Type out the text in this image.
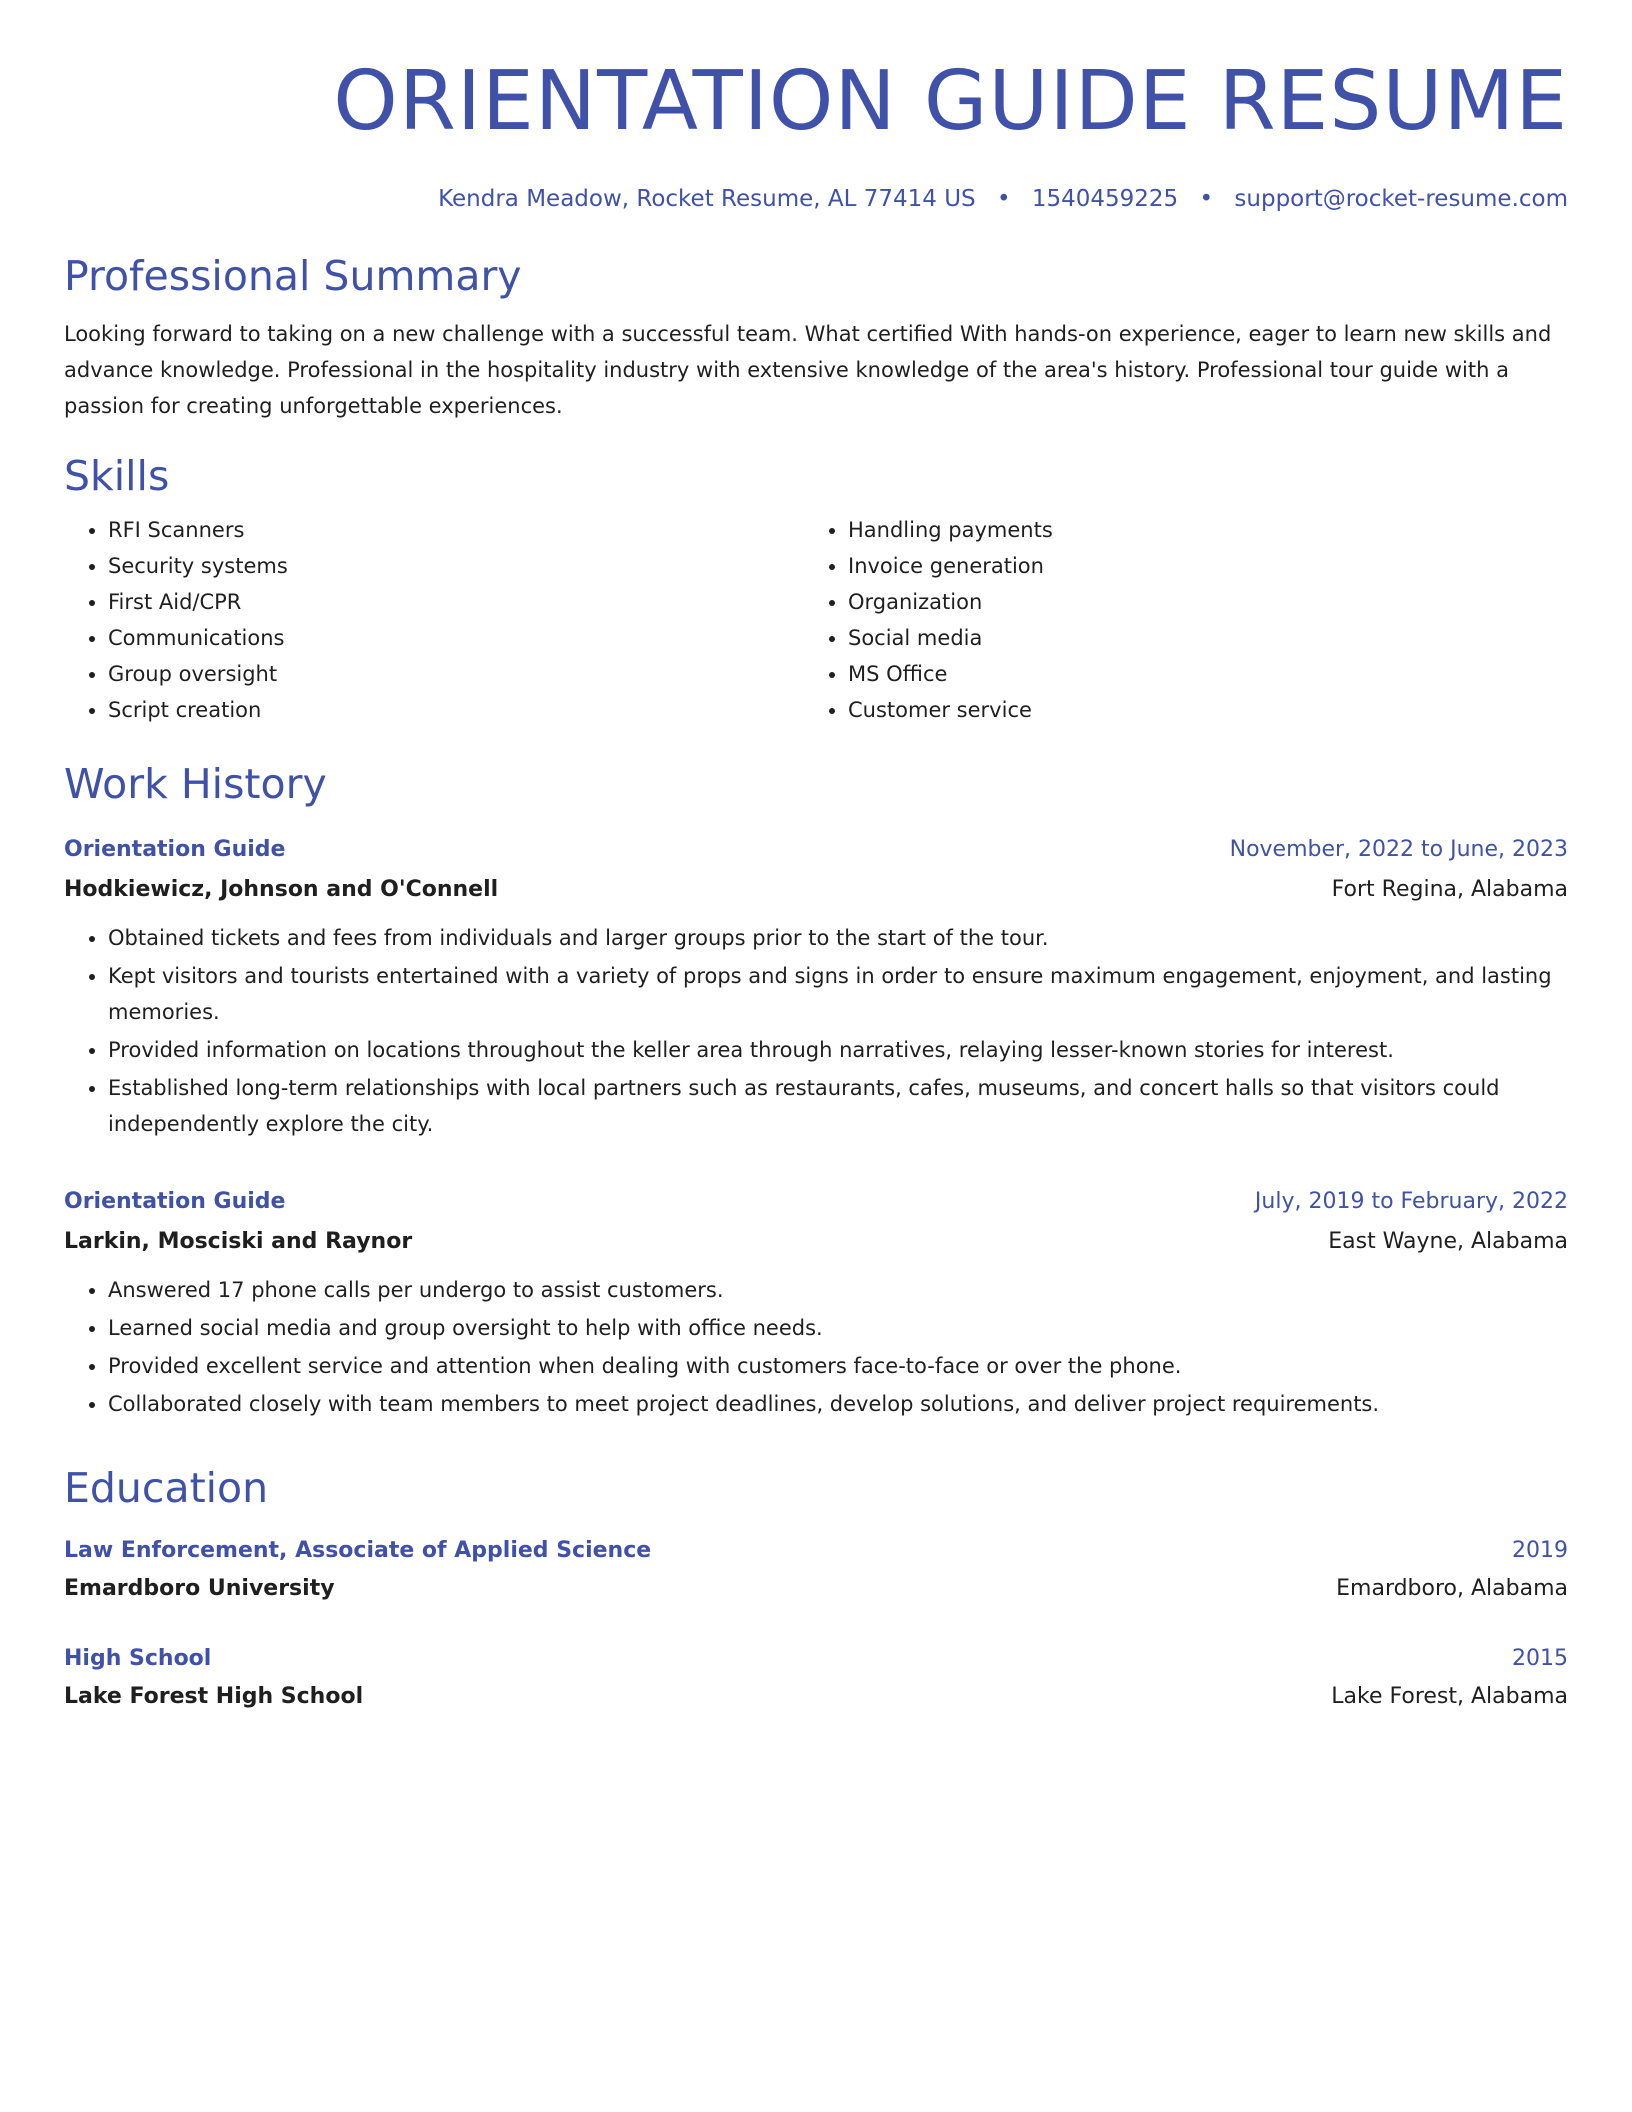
ORIENTATION GUIDE RESUME
Kendra Meadow, Rocket Resume, AL 77414 US • 1540459225 • support@rocket-resume.com
Professional Summary

Looking forward to taking on a new challenge with a successful team. What certified With hands-on experience, eager to learn new skills and advance knowledge. Professional in the hospitality industry with extensive knowledge of the area's history. Professional tour guide with a passion for creating unforgettable experiences.

Skills
• RFI Scanners
• Security systems
• First Aid/CPR
• Communications
• Group oversight
• Script creation
• Handling payments
• Invoice generation
• Organization
• Social media
• MS Office
• Customer service
Work History
Orientation Guide	November, 2022 to June, 2023
Hodkiewicz, Johnson and O'Connell	Fort Regina, Alabama
• Obtained tickets and fees from individuals and larger groups prior to the start of the tour.
• Kept visitors and tourists entertained with a variety of props and signs in order to ensure maximum engagement, enjoyment, and lasting memories.
• Provided information on locations throughout the keller area through narratives, relaying lesser-known stories for interest.
• Established long-term relationships with local partners such as restaurants, cafes, museums, and concert halls so that visitors could independently explore the city.
Orientation Guide	July, 2019 to February, 2022
Larkin, Mosciski and Raynor	East Wayne, Alabama
• Answered 17 phone calls per undergo to assist customers.
• Learned social media and group oversight to help with office needs.
• Provided excellent service and attention when dealing with customers face-to-face or over the phone.
• Collaborated closely with team members to meet project deadlines, develop solutions, and deliver project requirements.
Education
Law Enforcement, Associate of Applied Science	2019
Emardboro University	Emardboro, Alabama
High School	2015
Lake Forest High School	Lake Forest, Alabama
